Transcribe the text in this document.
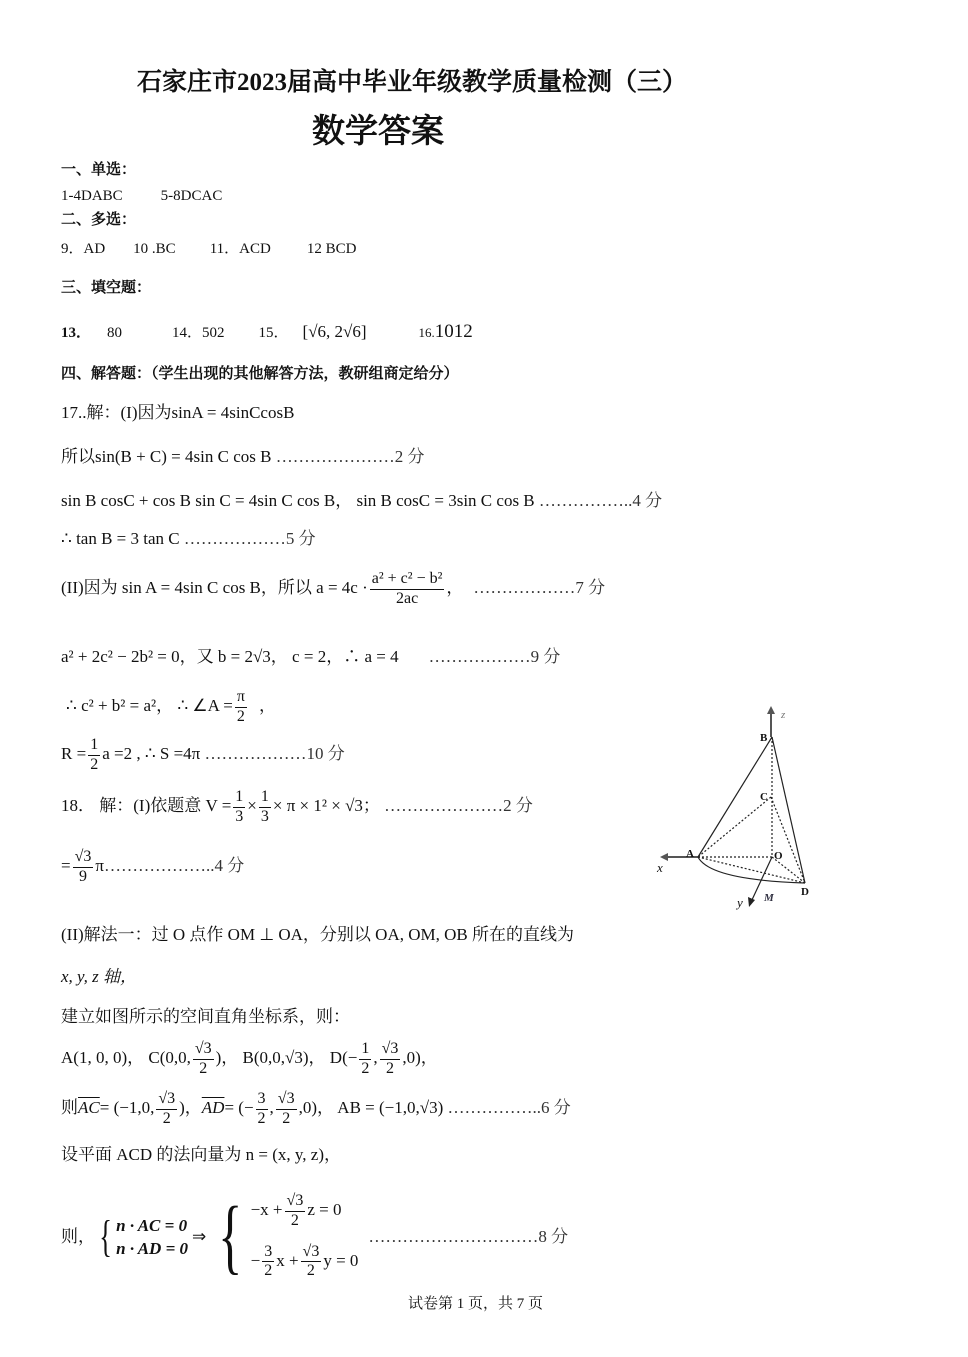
石家庄市2023届高中毕业年级教学质量检测（三）
数学答案
一、单选：
1-4DABC	5-8DCAC
二、多选：
9．AD 10 .BC 11．ACD 12 BCD
三、填空题：
13． 80	14．502 15． [√6, 2√6]	16.1012
四、解答题：（学生出现的其他解答方法，教研组商定给分）
17..解：(I)因为sinA = 4sinCcosB
所以sin(B + C) = 4sin C cos B …………………2 分
sin B cosC + cos B sin C = 4sin C cos B， sin B cosC = 3sin C cos B ……………..4 分
∴ tan B = 3 tan C ………………5 分
(II)因为 sin A = 4sin C cos B，所以 $a = 4c \cdot \frac{\text{a² + c² − b²}}{2ac}$ ， ………………7 分
a² + 2c² − 2b² = 0，又 b = 2√3， c = 2，∴ a = 4 ………………9 分
∴ c² + b² = a²， ∴ ∠A = $\frac{\pi}{2}$ ，
$R = \frac{1}{2}$ a =2 , ∴ S =4π ………………10 分
18． 解：(I)依题意 $V = \frac{1}{3} \times \frac{1}{3} \times \pi \times 1^2 \times √3$； …………………2 分
= $\frac{√3}{9}$ π………………..4 分
(II)解法一：过 O 点作 OM ⊥ OA，分别以 OA, OM, OB 所在的直线为
x, y, z 轴，
建立如图所示的空间直角坐标系，则：
A(1, 0, 0)， C(0,0, $\frac{√3}{2}$ )， B(0,0,√3)， $D(- \frac{1}{2}$ , $\frac{√3}{2} ,0$)，
则$\overline{AC}= (-1,0$, $\frac{√3}{2}$ )，$\overline{AD}=$ (− $\frac{3}{2}$ , $\frac{√3}{2} ,0$)， AB = (−1,0,√3) ……………..6 分
设平面 ACD 的法向量为 n = (x, y, z)，
则， { n · AC = 0
n · AD = 0
⇒ { $-x + \frac{√3}{2}$ z = 0
− $\frac{3}{2}$ $x + \frac{√3}{2}$ y = 0
…………………………8 分
z
B
C
A	O
D
x
y M
试卷第 1 页，共 7 页
